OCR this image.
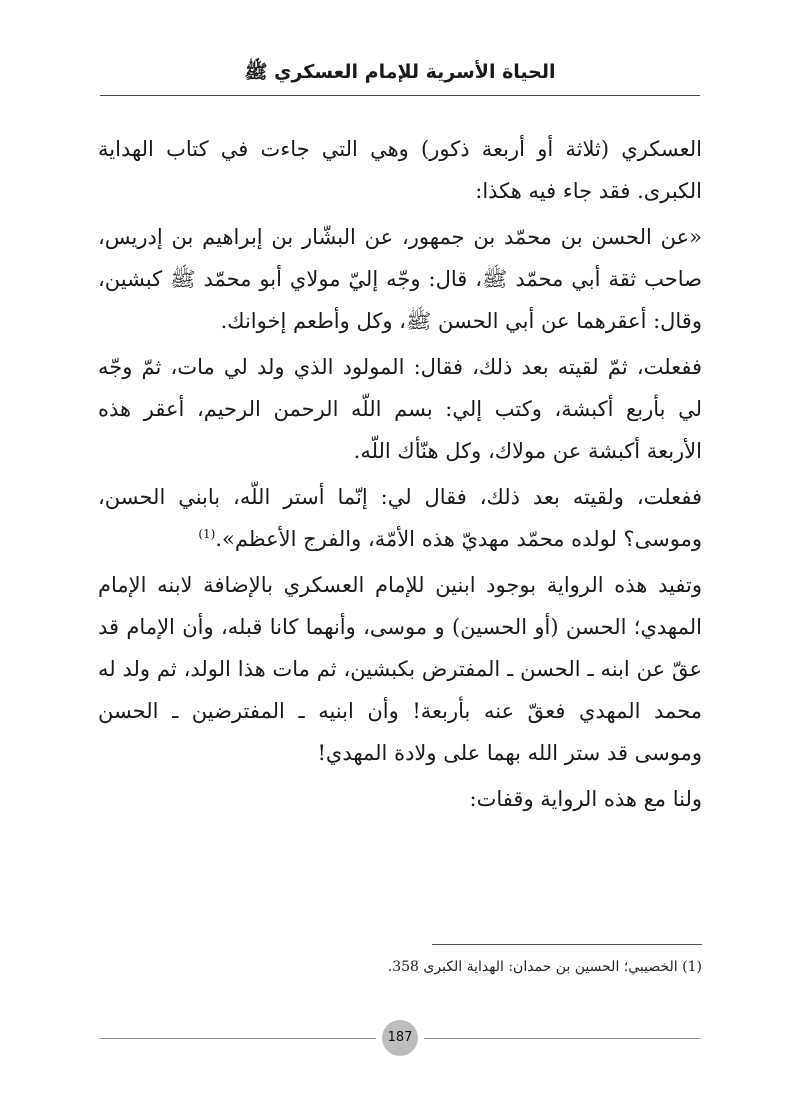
الحياة الأسرية للإمام العسكري ﷺ

العسكري (ثلاثة أو أربعة ذكور) وهي التي جاءت في كتاب الهداية الكبرى. فقد جاء فيه هكذا:

«عن الحسن بن محمّد بن جمهور، عن البشّار بن إبراهيم بن إدريس، صاحب ثقة أبي محمّد ﷺ، قال: وجّه إليّ مولاي أبو محمّد ﷺ كبشين، وقال: أعقرهما عن أبي الحسن ﷺ، وكل وأطعم إخوانك.

ففعلت، ثمّ لقيته بعد ذلك، فقال: المولود الذي ولد لي مات، ثمّ وجّه لي بأربع أكبشة، وكتب إلي: بسم اللّه الرحمن الرحيم، أعقر هذه الأربعة أكبشة عن مولاك، وكل هنّأك اللّه.

ففعلت، ولقيته بعد ذلك، فقال لي: إنّما أستر اللّه، بابني الحسن، وموسى؟ لولده محمّد مهديّ هذه الأمّة، والفرج الأعظم».$^{(1)}$

وتفيد هذه الرواية بوجود ابنين للإمام العسكري بالإضافة لابنه الإمام المهدي؛ الحسن (أو الحسين) و موسى، وأنهما كانا قبله، وأن الإمام قد عقّ عن ابنه ـ الحسن ـ المفترض بكبشين، ثم مات هذا الولد، ثم ولد له محمد المهدي فعقّ عنه بأربعة! وأن ابنيه ـ المفترضين ـ الحسن وموسى قد ستر الله بهما على ولادة المهدي!

ولنا مع هذه الرواية وقفات:

(1) الخصيبي؛ الحسين بن حمدان: الهداية الكبرى 358.
187
